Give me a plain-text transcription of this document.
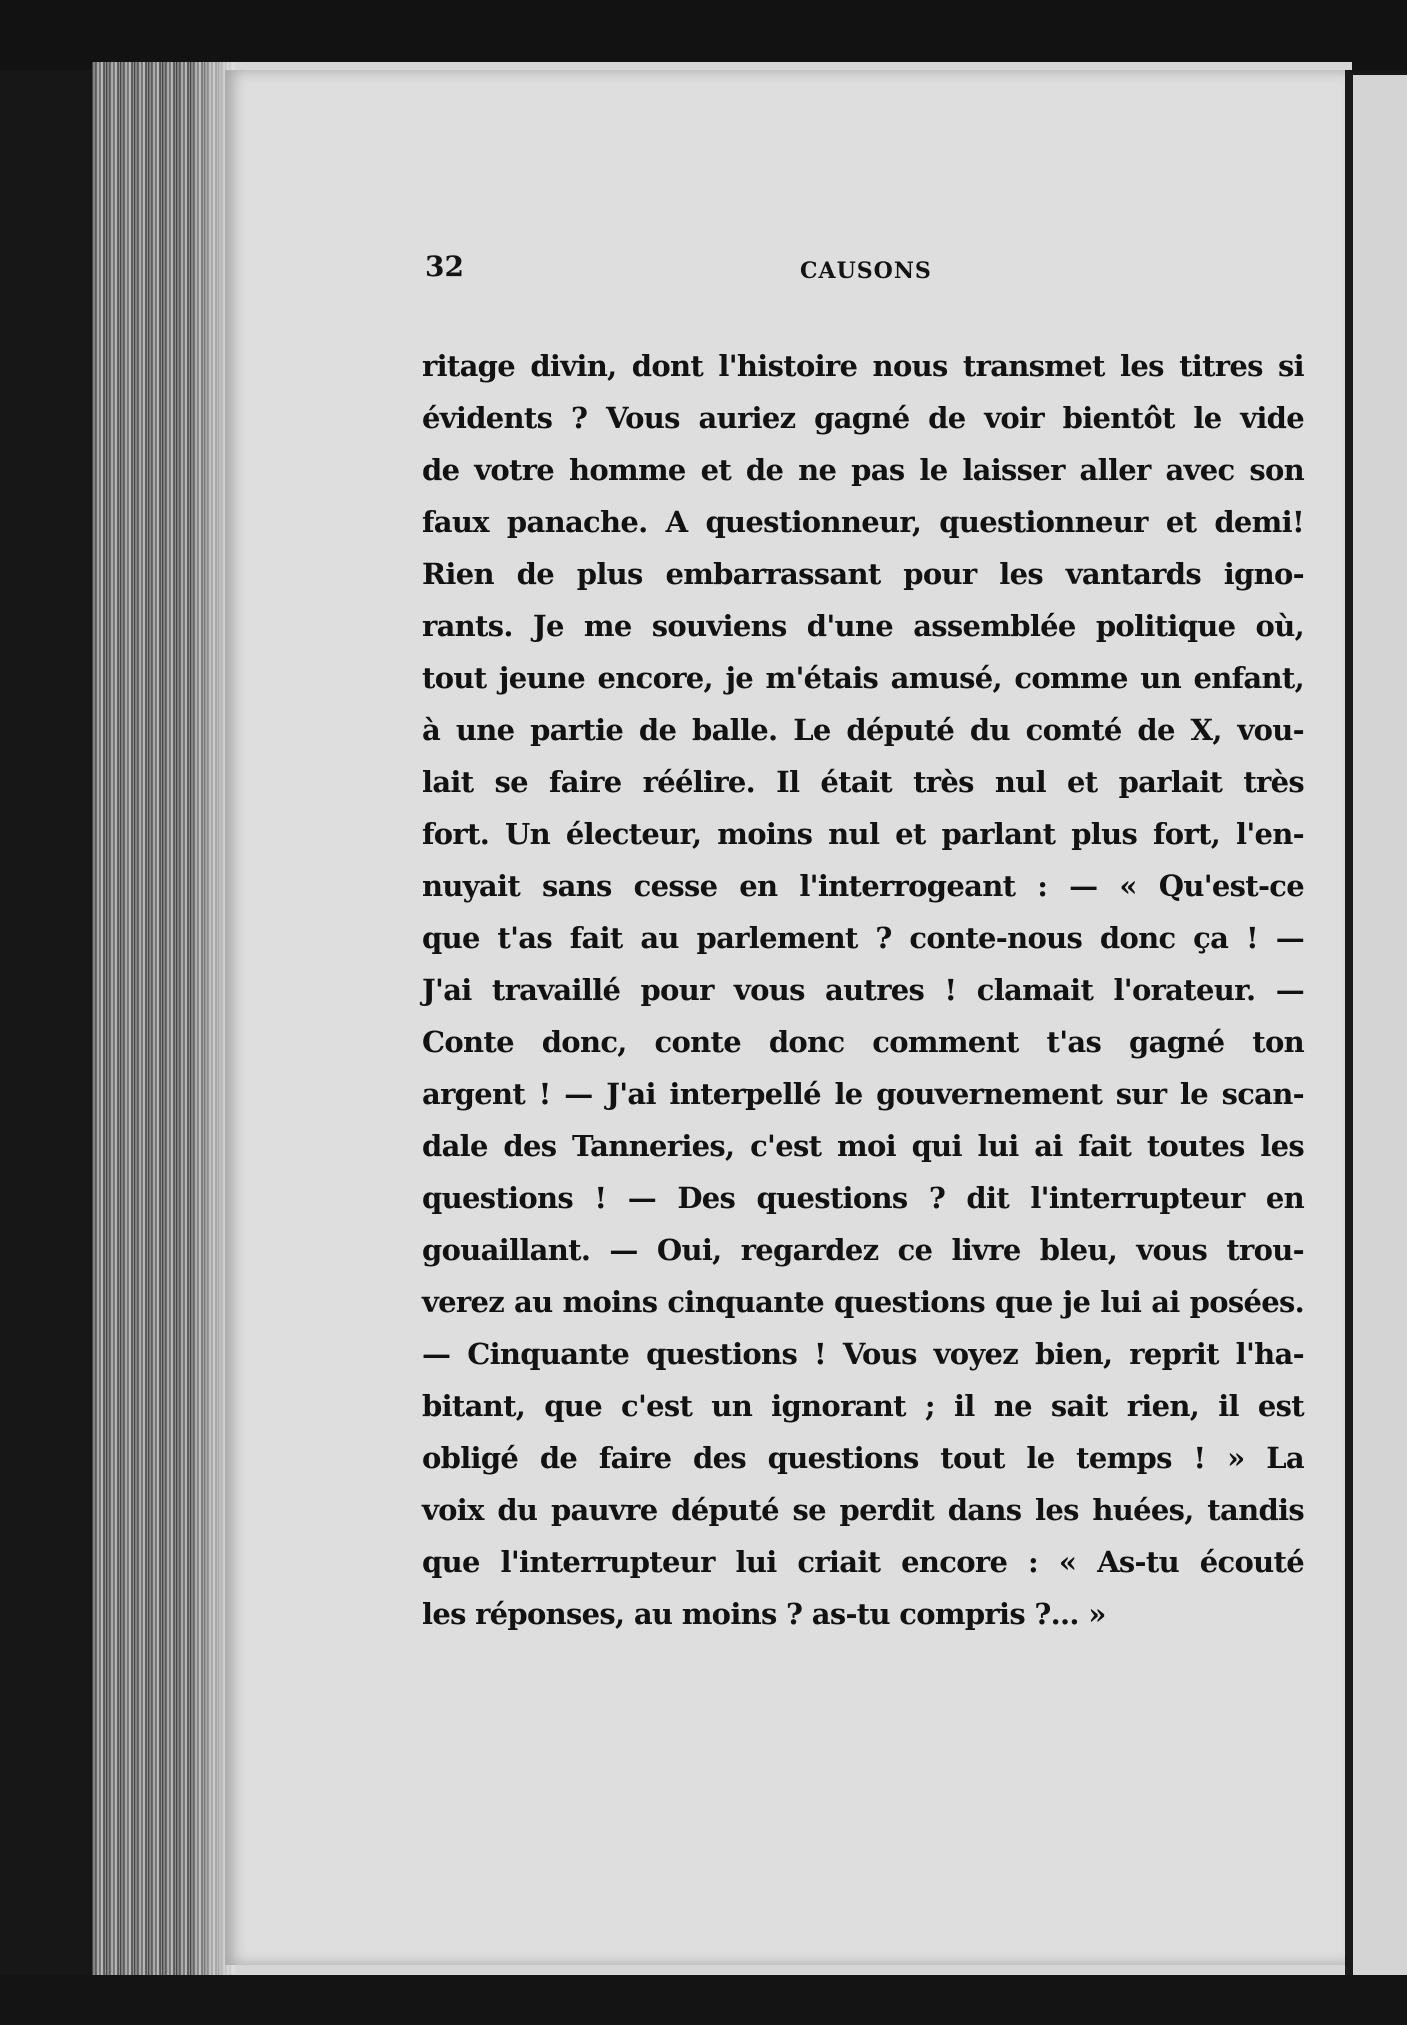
32	CAUSONS
ritage divin, dont l'histoire nous transmet les titres si
évidents ? Vous auriez gagné de voir bientôt le vide
de votre homme et de ne pas le laisser aller avec son
faux panache. A questionneur, questionneur et demi!
Rien de plus embarrassant pour les vantards igno-
rants. Je me souviens d'une assemblée politique où,
tout jeune encore, je m'étais amusé, comme un enfant,
à une partie de balle. Le député du comté de X, vou-
lait se faire réélire. Il était très nul et parlait très
fort. Un électeur, moins nul et parlant plus fort, l'en-
nuyait sans cesse en l'interrogeant : — « Qu'est-ce
que t'as fait au parlement ? conte-nous donc ça ! —
J'ai travaillé pour vous autres ! clamait l'orateur. —
Conte donc, conte donc comment t'as gagné ton
argent ! — J'ai interpellé le gouvernement sur le scan-
dale des Tanneries, c'est moi qui lui ai fait toutes les
questions ! — Des questions ? dit l'interrupteur en
gouaillant. — Oui, regardez ce livre bleu, vous trou-
verez au moins cinquante questions que je lui ai posées.
— Cinquante questions ! Vous voyez bien, reprit l'ha-
bitant, que c'est un ignorant ; il ne sait rien, il est
obligé de faire des questions tout le temps ! » La
voix du pauvre député se perdit dans les huées, tandis
que l'interrupteur lui criait encore : « As-tu écouté
les réponses, au moins ? as-tu compris ?... »
